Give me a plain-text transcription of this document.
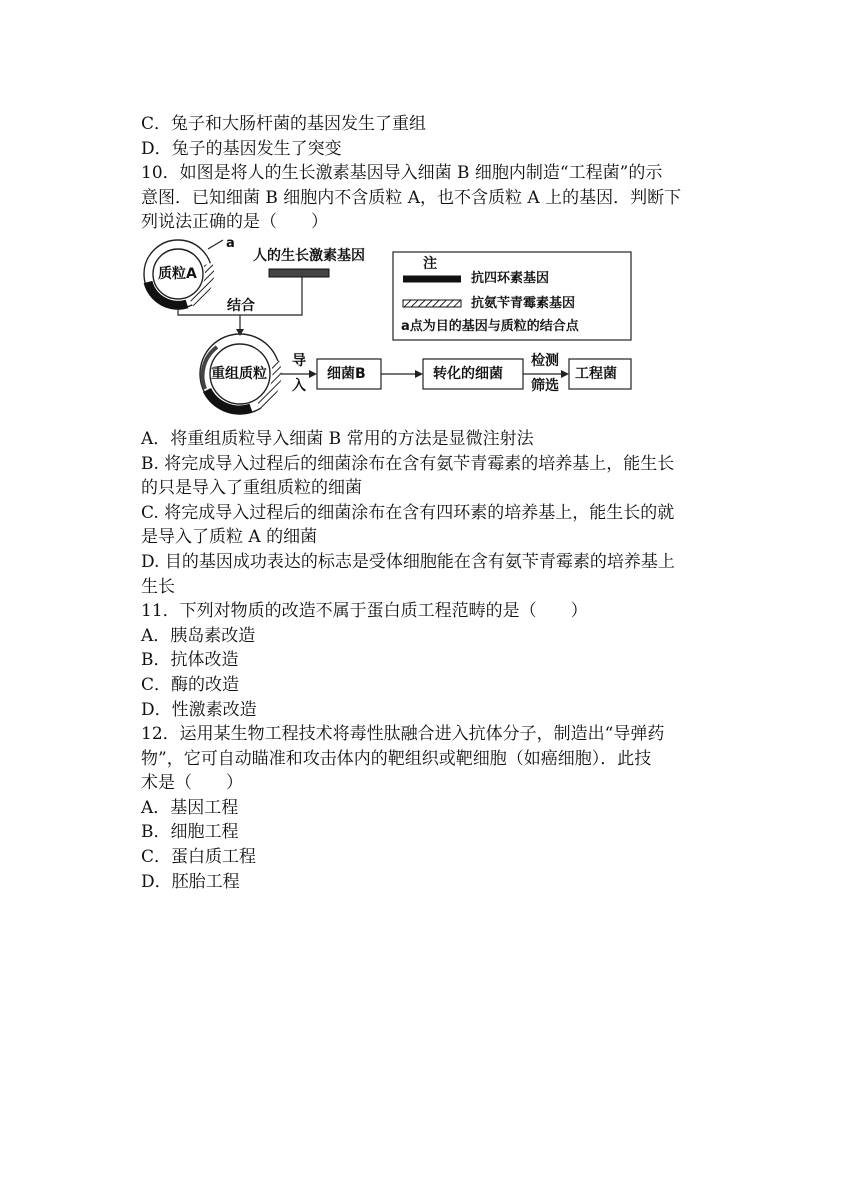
C．兔子和大肠杆菌的基因发生了重组
D．兔子的基因发生了突变
10．如图是将人的生长激素基因导入细菌 B 细胞内制造“工程菌”的示
意图．已知细菌 B 细胞内不含质粒 A，也不含质粒 A 上的基因．判断下
列说法正确的是（　　）
质粒A
a
人的生长激素基因
结合
重组质粒
导
入
细菌B	转化的细菌
检测
筛选
工程菌
注
抗四环素基因
抗氨苄青霉素基因
a点为目的基因与质粒的结合点
A．将重组质粒导入细菌 B 常用的方法是显微注射法
B. 将完成导入过程后的细菌涂布在含有氨苄青霉素的培养基上，能生长
的只是导入了重组质粒的细菌
C. 将完成导入过程后的细菌涂布在含有四环素的培养基上，能生长的就
是导入了质粒 A 的细菌
D. 目的基因成功表达的标志是受体细胞能在含有氨苄青霉素的培养基上
生长
11．下列对物质的改造不属于蛋白质工程范畴的是（　　）
A．胰岛素改造
B．抗体改造
C．酶的改造
D．性激素改造
12．运用某生物工程技术将毒性肽融合进入抗体分子，制造出“导弹药
物”，它可自动瞄准和攻击体内的靶组织或靶细胞（如癌细胞）．此技
术是（　　）
A．基因工程
B．细胞工程
C．蛋白质工程
D．胚胎工程
